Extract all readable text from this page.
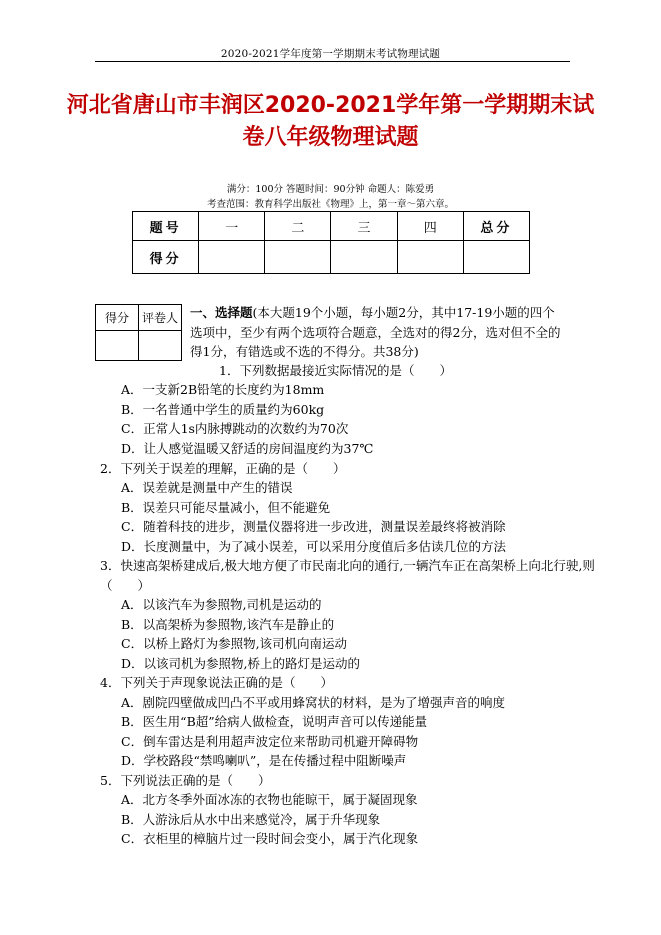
2020-2021学年度第一学期期末考试物理试题
河北省唐山市丰润区2020-2021学年第一学期期末试
卷八年级物理试题
满分：100分 答题时间：90分钟 命题人：陈爱勇
考查范围：教育科学出版社《物理》上，第一章～第六章。
题号	一	二	三	四	总分
得分					
得分	评卷人
	一、选择题(本大题19个小题，每小题2分，其中17-19小题的四个选项中，至少有两个选项符合题意，全选对的得2分，选对但不全的得1分，有错选或不选的不得分。共38分)
1．下列数据最接近实际情况的是（　　）
A．一支新2B铅笔的长度约为18mm
B．一名普通中学生的质量约为60kg
C．正常人1s内脉搏跳动的次数约为70次
D．让人感觉温暖又舒适的房间温度约为37℃
2．下列关于误差的理解，正确的是（　　）
A．误差就是测量中产生的错误
B．误差只可能尽量减小，但不能避免
C．随着科技的进步，测量仪器将进一步改进，测量误差最终将被消除
D．长度测量中，为了减小误差，可以采用分度值后多估读几位的方法
3．快速高架桥建成后,极大地方便了市民南北向的通行,一辆汽车正在高架桥上向北行驶,则
（　　）
A．以该汽车为参照物,司机是运动的
B．以高架桥为参照物,该汽车是静止的
C．以桥上路灯为参照物,该司机向南运动
D．以该司机为参照物,桥上的路灯是运动的
4．下列关于声现象说法正确的是（　　）
A．剧院四壁做成凹凸不平或用蜂窝状的材料，是为了增强声音的响度
B．医生用“B超”给病人做检查，说明声音可以传递能量
C．倒车雷达是利用超声波定位来帮助司机避开障碍物
D．学校路段“禁鸣喇叭”，是在传播过程中阻断噪声
5．下列说法正确的是（　　）
A．北方冬季外面冰冻的衣物也能晾干，属于凝固现象
B．人游泳后从水中出来感觉冷，属于升华现象
C．衣柜里的樟脑片过一段时间会变小，属于汽化现象
